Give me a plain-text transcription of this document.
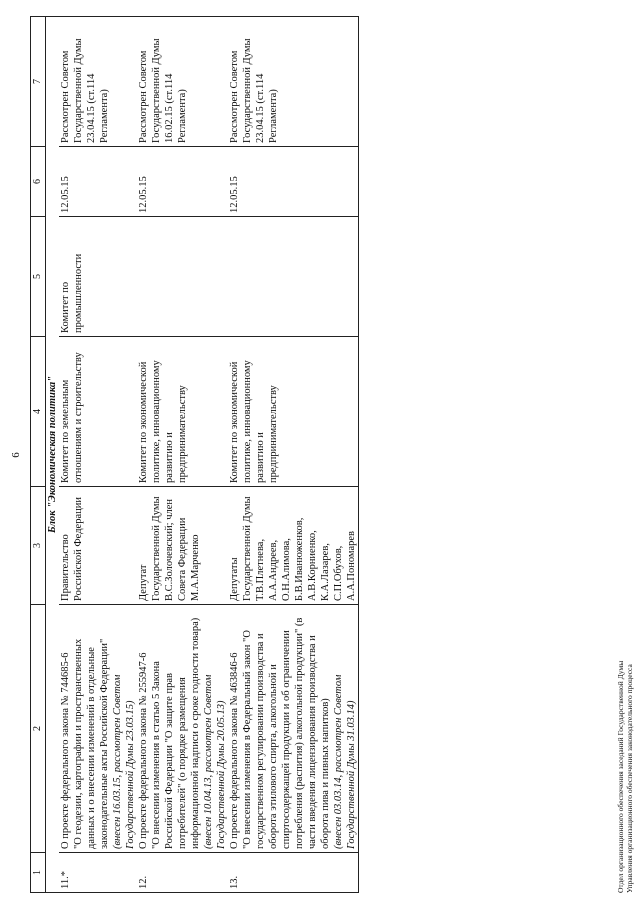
6
1	2	3	4	5	6	7
Блок "Экономическая политика"						
11.*	О проекте федерального закона № 744685-6 "О геодезии, картографии и пространственных данных и о внесении изменений в отдельные законодательные акты Российской Федерации" (внесен 16.03.15, рассмотрен Советом Государственной Думы 23.03.15)	Правительство Российской Федерации	Комитет по земельным отношениям и строительству	Комитет по промышленности	12.05.15	Рассмотрен Советом Государственной Думы 23.04.15 (ст.114 Регламента)
12.	О проекте федерального закона № 255947-6 "О внесении изменения в статью 5 Закона Российской Федерации "О защите прав потребителей" (о порядке размещения информационной надписи о сроке годности товара) (внесен 10.04.13, рассмотрен Советом Государственной Думы 20.05.13)	Депутат Государственной Думы В.С.Золочевский; член Совета Федерации М.А.Марченко	Комитет по экономической политике, инновационному развитию и предпринимательству		12.05.15	Рассмотрен Советом Государственной Думы 16.02.15 (ст.114 Регламента)
13.	О проекте федерального закона № 463846-6 "О внесении изменения в Федеральный закон "О государственном регулировании производства и оборота этилового спирта, алкогольной и спиртосодержащей продукции и об ограничении потребления (распития) алкогольной продукции" (в части введения лицензирования производства и оборота пива и пивных напитков) (внесен 03.03.14, рассмотрен Советом Государственной Думы 31.03.14)	Депутаты Государственной Думы Т.В.Плетнева, А.А.Андреев, О.Н.Алимова, Б.В.Иванюженков, А.В.Корниенко, К.А.Лазарев, С.П.Обухов, А.А.Пономарев	Комитет по экономической политике, инновационному развитию и предпринимательству		12.05.15	Рассмотрен Советом Государственной Думы 23.04.15 (ст.114 Регламента)
Отдел организационного обеспечения заседаний Государственной Думы Управления организационного обеспечения законодательного процесса
